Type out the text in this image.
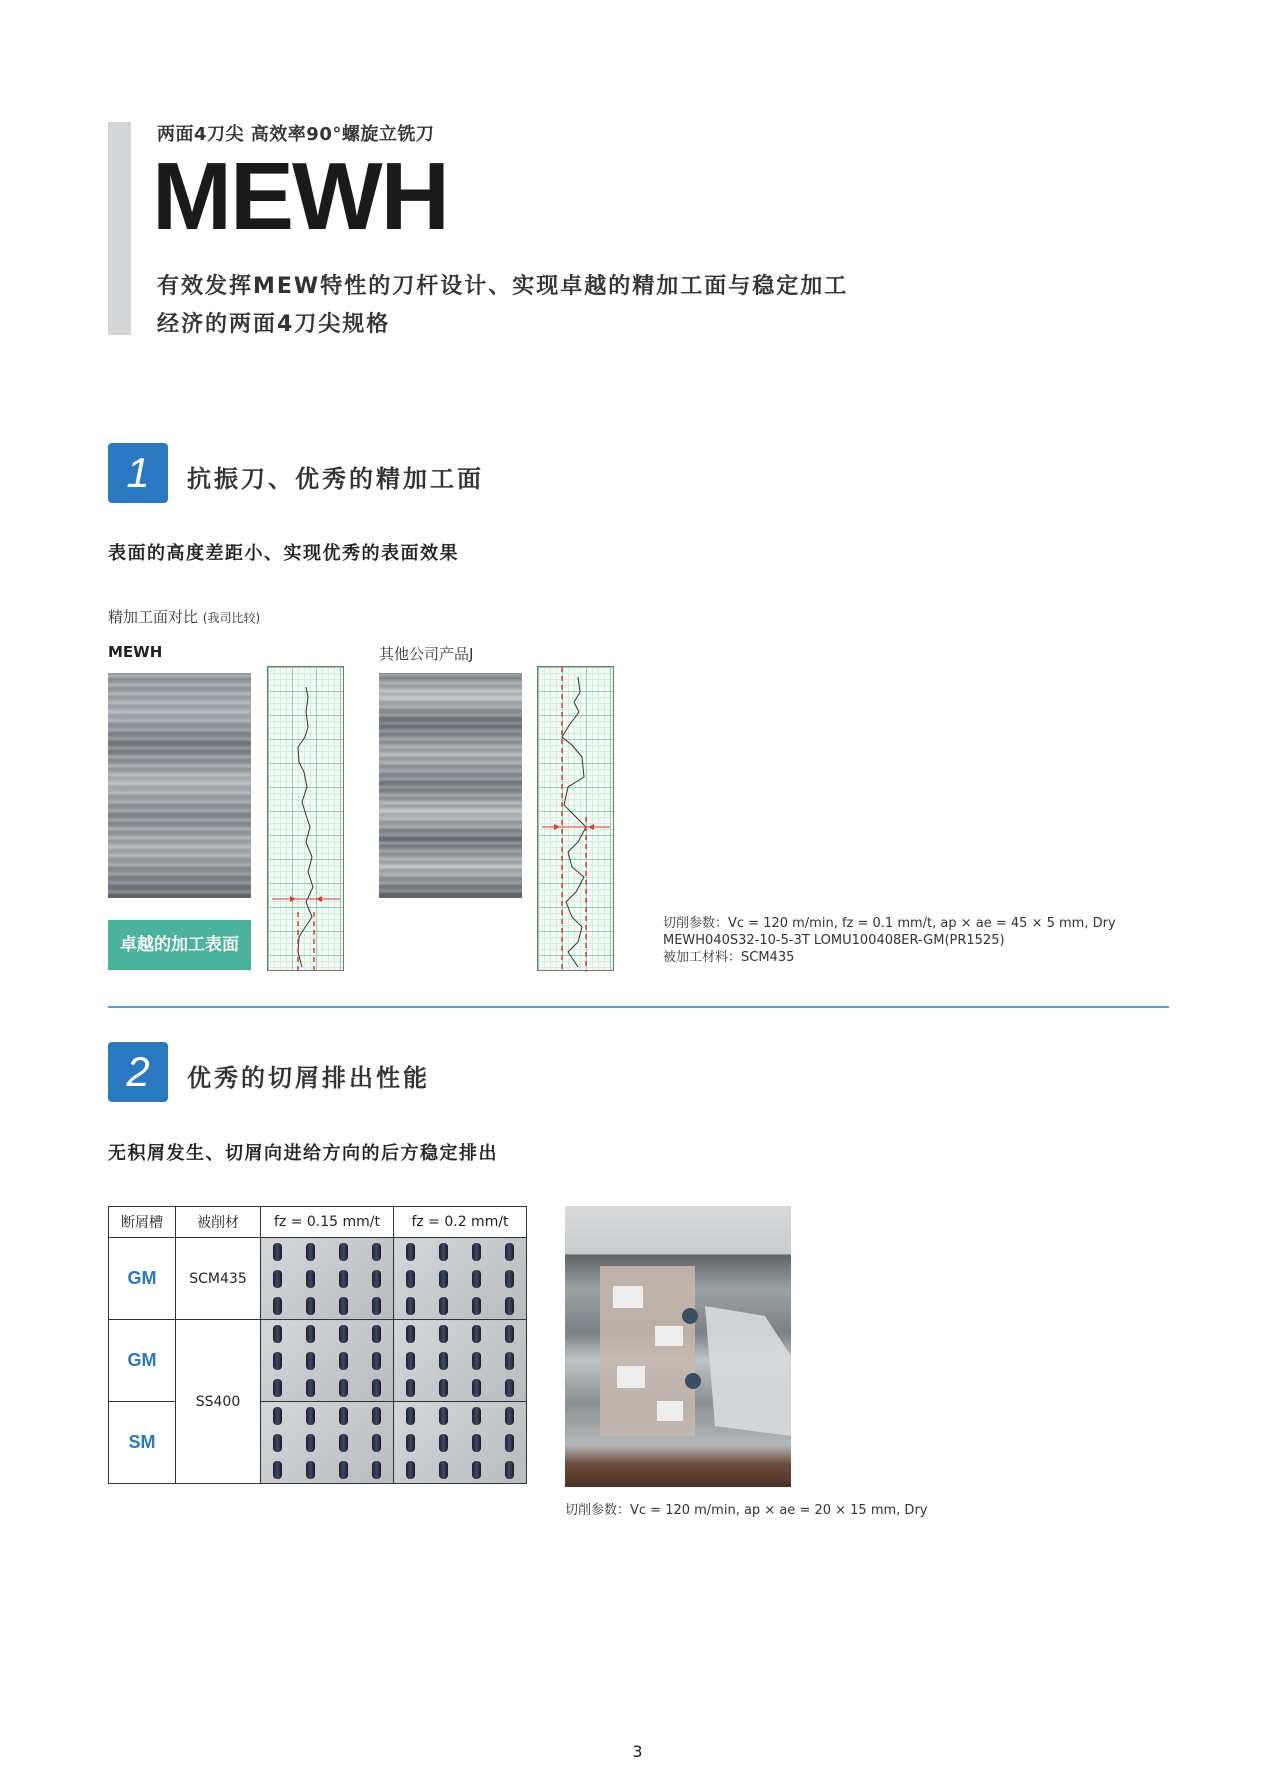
两面4刀尖 高效率90°螺旋立铣刀
MEWH
有效发挥MEW特性的刀杆设计、实现卓越的精加工面与稳定加工
经济的两面4刀尖规格
1	抗振刀、优秀的精加工面
表面的高度差距小、实现优秀的表面效果
精加工面对比 (我司比较)
MEWH	其他公司产品J
卓越的加工表面
切削参数：Vc = 120 m/min, fz = 0.1 mm/t, ap × ae = 45 × 5 mm, Dry
MEWH040S32-10-5-3T LOMU100408ER-GM(PR1525)
被加工材料：SCM435
2	优秀的切屑排出性能
无积屑发生、切屑向进给方向的后方稳定排出
断屑槽	被削材	fz = 0.15 mm/t	fz = 0.2 mm/t
GM	SCM435	

GM	SS400	

SM		

切削参数：Vc = 120 m/min, ap × ae = 20 × 15 mm, Dry
3
